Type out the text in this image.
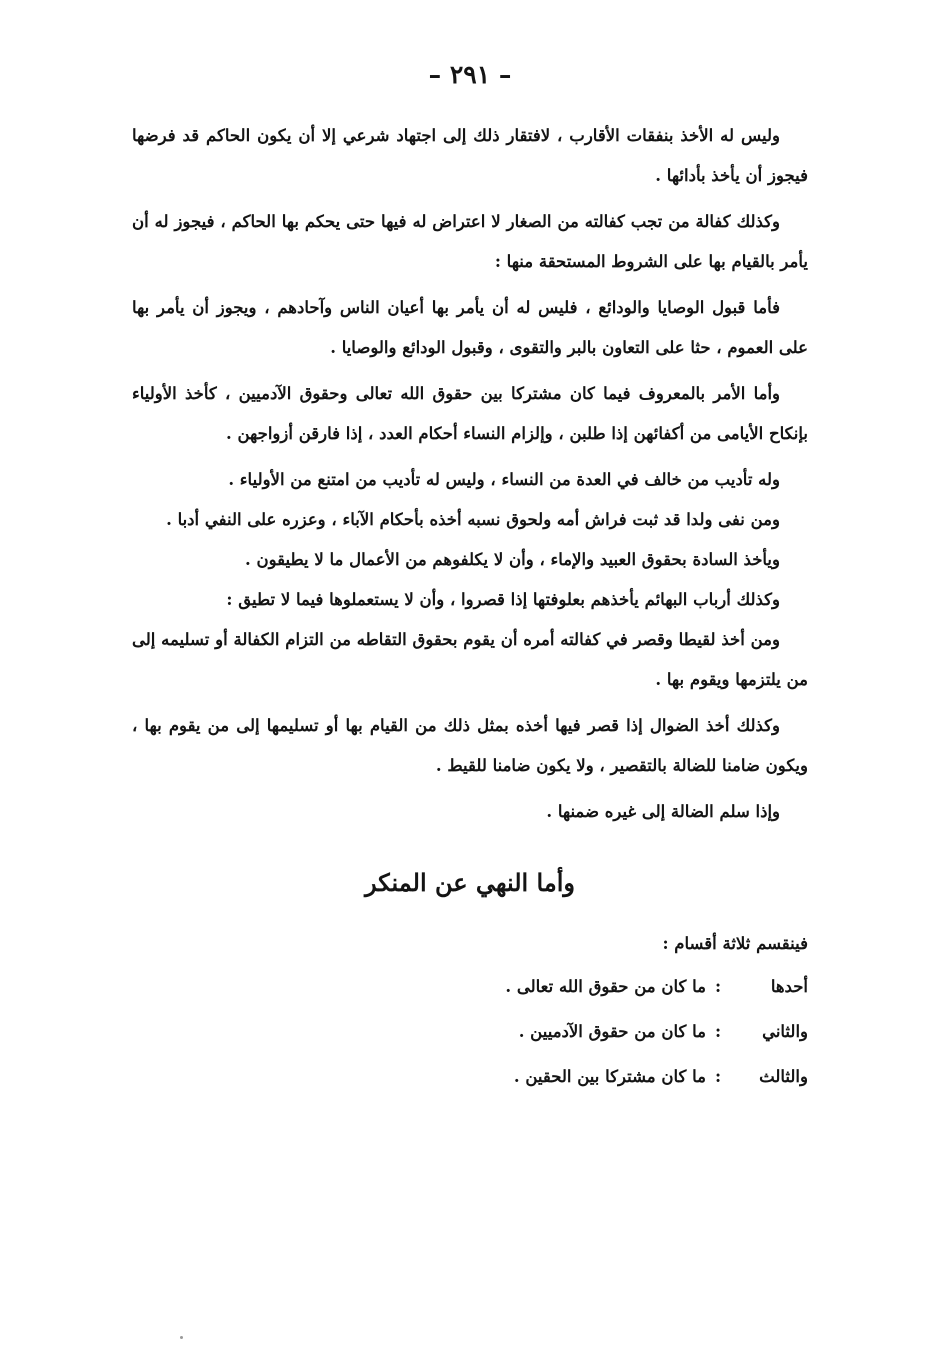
– ٢٩١ –

وليس له الأخذ بنفقات الأقارب ، لافتقار ذلك إلى اجتهاد شرعي إلا أن يكون الحاكم قد فرضها فيجوز أن يأخذ بأدائها .

وكذلك كفالة من تجب كفالته من الصغار لا اعتراض له فيها حتى يحكم بها الحاكم ، فيجوز له أن يأمر بالقيام بها على الشروط المستحقة منها :

فأما قبول الوصايا والودائع ، فليس له أن يأمر بها أعيان الناس وآحادهم ، ويجوز أن يأمر بها على العموم ، حثا على التعاون بالبر والتقوى ، وقبول الودائع والوصايا .

وأما الأمر بالمعروف فيما كان مشتركا بين حقوق الله تعالى وحقوق الآدميين ، كأخذ الأولياء بإنكاح الأيامى من أكفائهن إذا طلبن ، وإلزام النساء أحكام العدد ، إذا فارقن أزواجهن .

وله تأديب من خالف في العدة من النساء ، وليس له تأديب من امتنع من الأولياء .

ومن نفى ولدا قد ثبت فراش أمه ولحوق نسبه أخذه بأحكام الآباء ، وعزره على النفي أدبا .

ويأخذ السادة بحقوق العبيد والإماء ، وأن لا يكلفوهم من الأعمال ما لا يطيقون .

وكذلك أرباب البهائم يأخذهم بعلوفتها إذا قصروا ، وأن لا يستعملوها فيما لا تطيق :

ومن أخذ لقيطا وقصر في كفالته أمره أن يقوم بحقوق التقاطه من التزام الكفالة أو تسليمه إلى من يلتزمها ويقوم بها .

وكذلك أخذ الضوال إذا قصر فيها أخذه بمثل ذلك من القيام بها أو تسليمها إلى من يقوم بها ، ويكون ضامنا للضالة بالتقصير ، ولا يكون ضامنا للقيط .

وإذا سلم الضالة إلى غيره ضمنها .

وأما النهي عن المنكر

فينقسم ثلاثة أقسام :

أحدها:ما كان من حقوق الله تعالى .
والثاني:ما كان من حقوق الآدميين .
والثالث:ما كان مشتركا بين الحقين .
